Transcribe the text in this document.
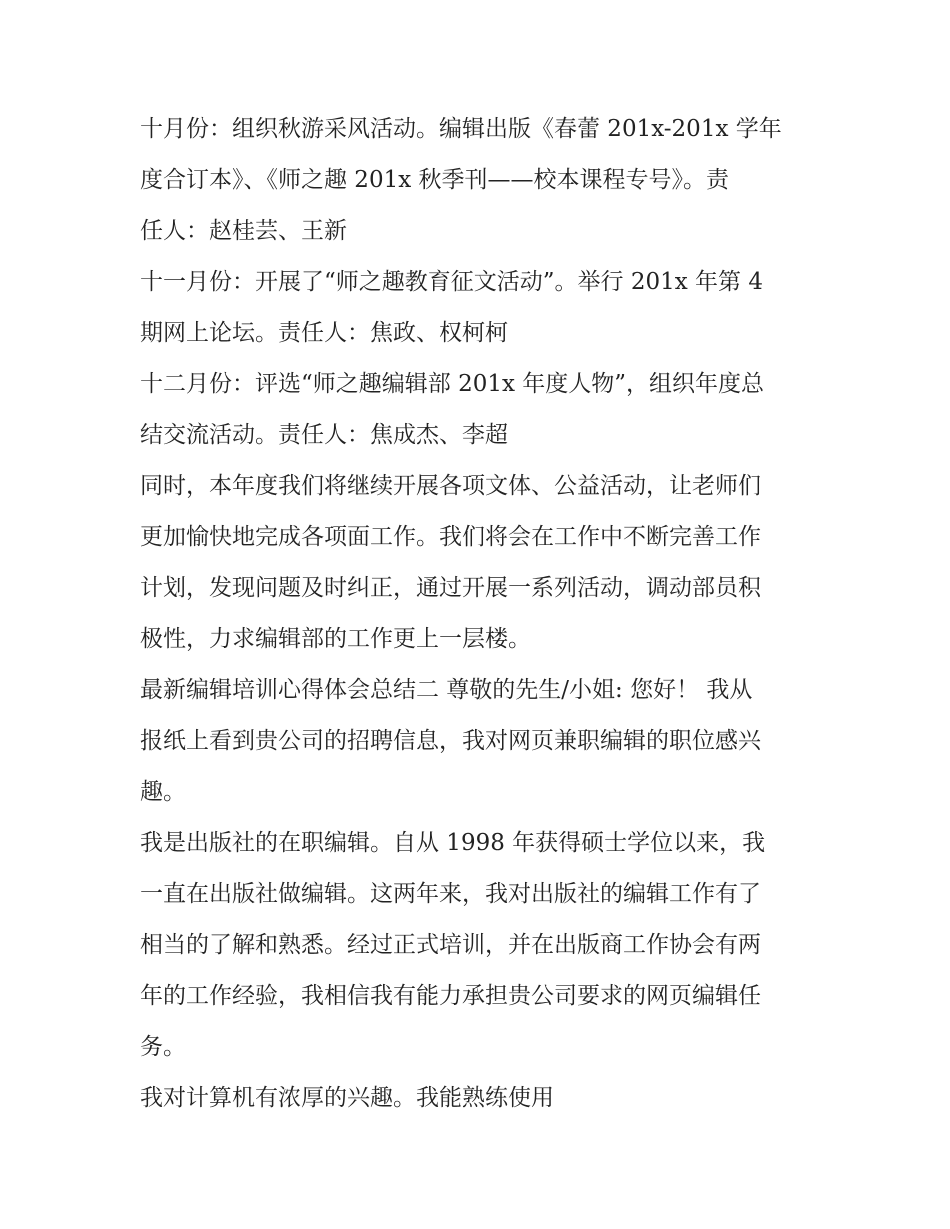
十月份：组织秋游采风活动。编辑出版《春蕾 201x-201x 学年
度合订本》、《师之趣 201x 秋季刊——校本课程专号》。责
任人：赵桂芸、王新
十一月份：开展了“师之趣教育征文活动”。举行 201x 年第 4
期网上论坛。责任人：焦政、权柯柯
十二月份：评选“师之趣编辑部 201x 年度人物”，组织年度总
结交流活动。责任人：焦成杰、李超
同时，本年度我们将继续开展各项文体、公益活动，让老师们
更加愉快地完成各项面工作。我们将会在工作中不断完善工作
计划，发现问题及时纠正，通过开展一系列活动，调动部员积
极性，力求编辑部的工作更上一层楼。
最新编辑培训心得体会总结二 尊敬的先生/小姐: 您好！ 我从
报纸上看到贵公司的招聘信息，我对网页兼职编辑的职位感兴
趣。
我是出版社的在职编辑。自从 1998 年获得硕士学位以来，我
一直在出版社做编辑。这两年来，我对出版社的编辑工作有了
相当的了解和熟悉。经过正式培训，并在出版商工作协会有两
年的工作经验，我相信我有能力承担贵公司要求的网页编辑任
务。
我对计算机有浓厚的兴趣。我能熟练使用
